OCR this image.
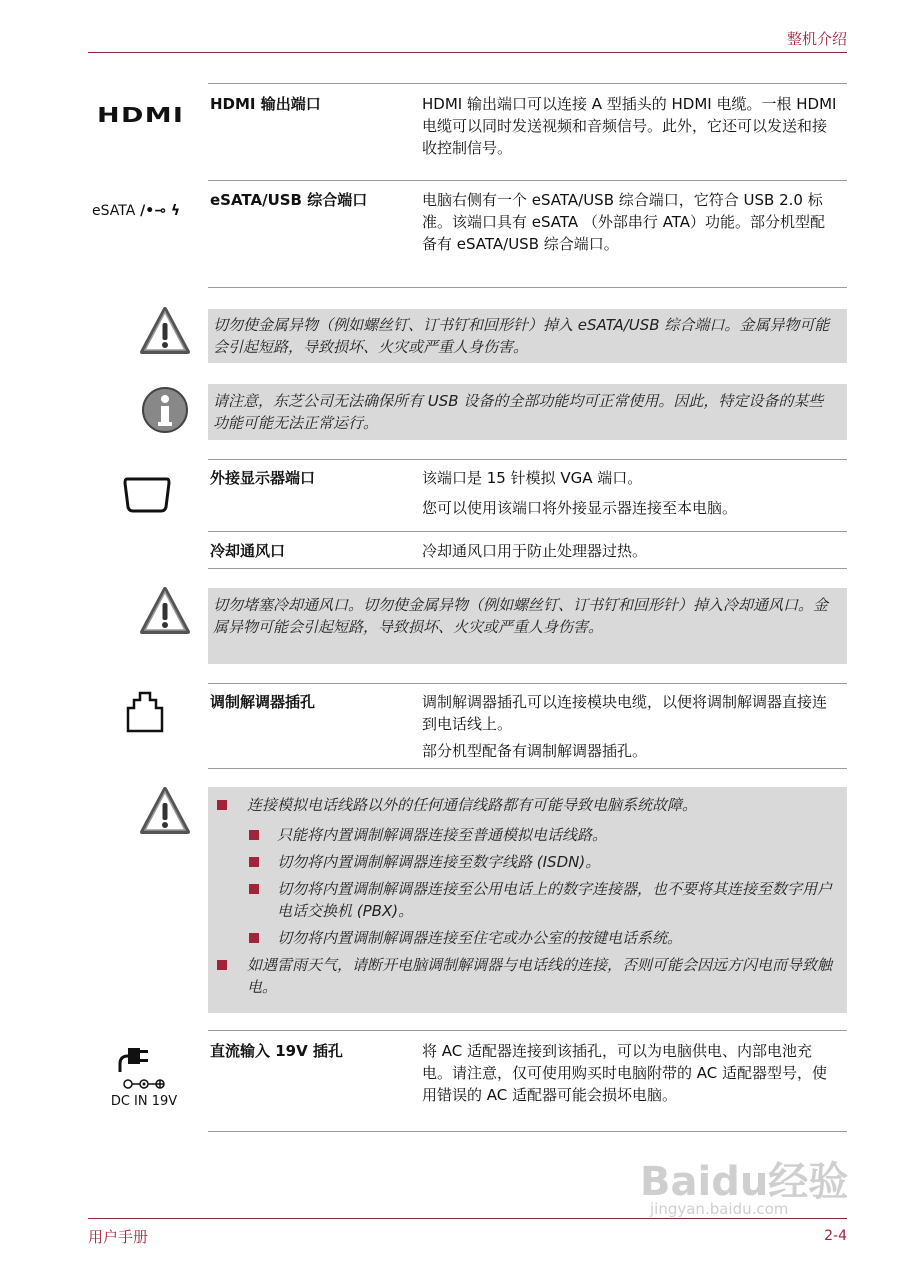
整机介绍
HDMI HDMI 输出端口	HDMI 输出端口可以连接 A 型插头的 HDMI 电缆。一根 HDMI 电缆可以同时发送视频和音频信号。此外，它还可以发送和接收控制信号。
eSATA /•⊸ ϟ
eSATA/USB 综合端口	电脑右侧有一个 eSATA/USB 综合端口，它符合 USB 2.0 标准。该端口具有 eSATA （外部串行 ATA）功能。部分机型配备有 eSATA/USB 综合端口。
切勿使金属异物（例如螺丝钉、订书钉和回形针）掉入 eSATA/USB 综合端口。金属异物可能会引起短路，导致损坏、火灾或严重人身伤害。
请注意，东芝公司无法确保所有 USB 设备的全部功能均可正常使用。因此，特定设备的某些功能可能无法正常运行。
外接显示器端口	该端口是 15 针模拟 VGA 端口。

您可以使用该端口将外接显示器连接至本电脑。

冷却通风口	冷却通风口用于防止处理器过热。
切勿堵塞冷却通风口。切勿使金属异物（例如螺丝钉、订书钉和回形针）掉入冷却通风口。金属异物可能会引起短路，导致损坏、火灾或严重人身伤害。
调制解调器插孔	调制解调器插孔可以连接模块电缆，以便将调制解调器直接连到电话线上。

部分机型配备有调制解调器插孔。

连接模拟电话线路以外的任何通信线路都有可能导致电脑系统故障。

只能将内置调制解调器连接至普通模拟电话线路。

切勿将内置调制解调器连接至数字线路 (ISDN)。

切勿将内置调制解调器连接至公用电话上的数字连接器，也不要将其连接至数字用户电话交换机 (PBX)。

切勿将内置调制解调器连接至住宅或办公室的按键电话系统。

如遇雷雨天气，请断开电脑调制解调器与电话线的连接，否则可能会因远方闪电而导致触电。

DC IN 19V
直流输入 19V 插孔	将 AC 适配器连接到该插孔，可以为电脑供电、内部电池充电。请注意，仅可使用购买时电脑附带的 AC 适配器型号，使用错误的 AC 适配器可能会损坏电脑。
Baidu经验
jingyan.baidu.com
用户手册	2-4
